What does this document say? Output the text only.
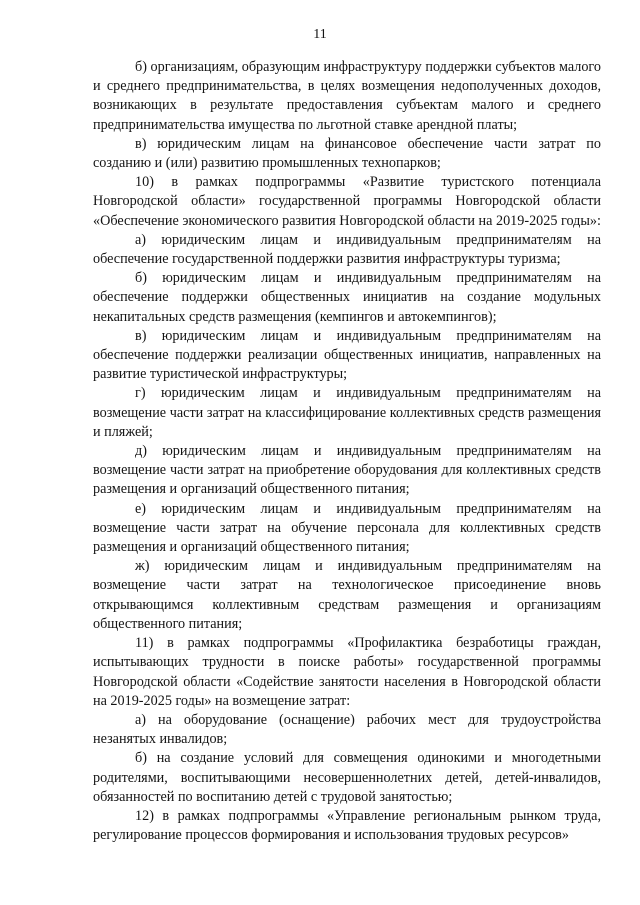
11

б) организациям, образующим инфраструктуру поддержки субъектов малого и среднего предпринимательства, в целях возмещения недополученных доходов, возникающих в результате предоставления субъектам малого и среднего предпринимательства имущества по льготной ставке арендной платы;

в) юридическим лицам на финансовое обеспечение части затрат по созданию и (или) развитию промышленных технопарков;

10) в рамках подпрограммы «Развитие туристского потенциала Новгородской области» государственной программы Новгородской области «Обеспечение экономического развития Новгородской области на 2019-2025 годы»:

а) юридическим лицам и индивидуальным предпринимателям на обеспечение государственной поддержки развития инфраструктуры туризма;

б) юридическим лицам и индивидуальным предпринимателям на обеспечение поддержки общественных инициатив на создание модульных некапитальных средств размещения (кемпингов и автокемпингов);

в) юридическим лицам и индивидуальным предпринимателям на обеспечение поддержки реализации общественных инициатив, направленных на развитие туристической инфраструктуры;

г) юридическим лицам и индивидуальным предпринимателям на возмещение части затрат на классифицирование коллективных средств размещения и пляжей;

д) юридическим лицам и индивидуальным предпринимателям на возмещение части затрат на приобретение оборудования для коллективных средств размещения и организаций общественного питания;

е) юридическим лицам и индивидуальным предпринимателям на возмещение части затрат на обучение персонала для коллективных средств размещения и организаций общественного питания;

ж) юридическим лицам и индивидуальным предпринимателям на возмещение части затрат на технологическое присоединение вновь открывающимся коллективным средствам размещения и организациям общественного питания;

11) в рамках подпрограммы «Профилактика безработицы граждан, испытывающих трудности в поиске работы» государственной программы Новгородской области «Содействие занятости населения в Новгородской области на 2019-2025 годы» на возмещение затрат:

а) на оборудование (оснащение) рабочих мест для трудоустройства незанятых инвалидов;

б) на создание условий для совмещения одинокими и многодетными родителями, воспитывающими несовершеннолетних детей, детей-инвалидов, обязанностей по воспитанию детей с трудовой занятостью;

12) в рамках подпрограммы «Управление региональным рынком труда, регулирование процессов формирования и использования трудовых ресурсов»
